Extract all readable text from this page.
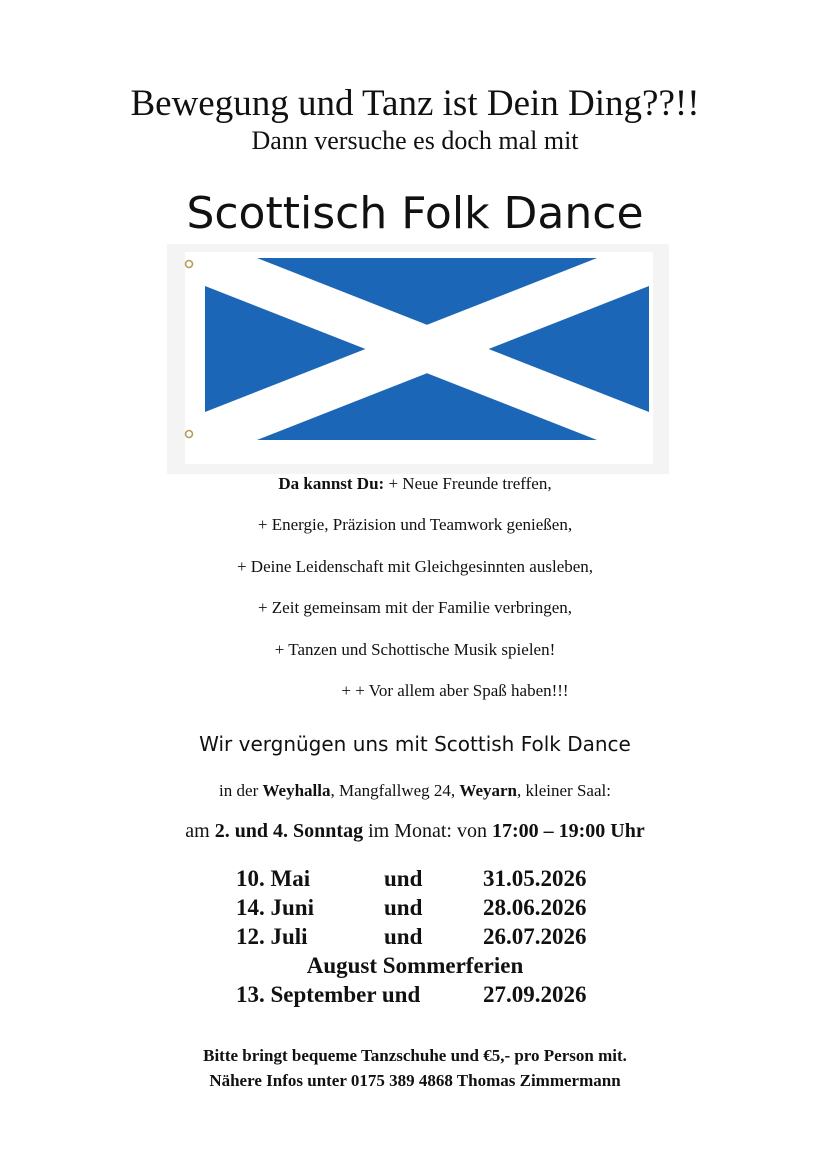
Bewegung und Tanz ist Dein Ding??!!
Dann versuche es doch mal mit
Scottisch Folk Dance
Da kannst Du: + Neue Freunde treffen,
+ Energie, Präzision und Teamwork genießen,
+ Deine Leidenschaft mit Gleichgesinnten ausleben,
+ Zeit gemeinsam mit der Familie verbringen,
+ Tanzen und Schottische Musik spielen!
+ + Vor allem aber Spaß haben!!!
Wir vergnügen uns mit Scottish Folk Dance
in der Weyhalla, Mangfallweg 24, Weyarn, kleiner Saal:
am 2. und 4. Sonntag im Monat: von 17:00 – 19:00 Uhr
10. Mai	und	31.05.2026
14. Juni	und	28.06.2026
12. Juli	und	26.07.2026
August Sommerferien
13. September und	27.09.2026
Bitte bringt bequeme Tanzschuhe und €5,- pro Person mit.
Nähere Infos unter 0175 389 4868 Thomas Zimmermann
